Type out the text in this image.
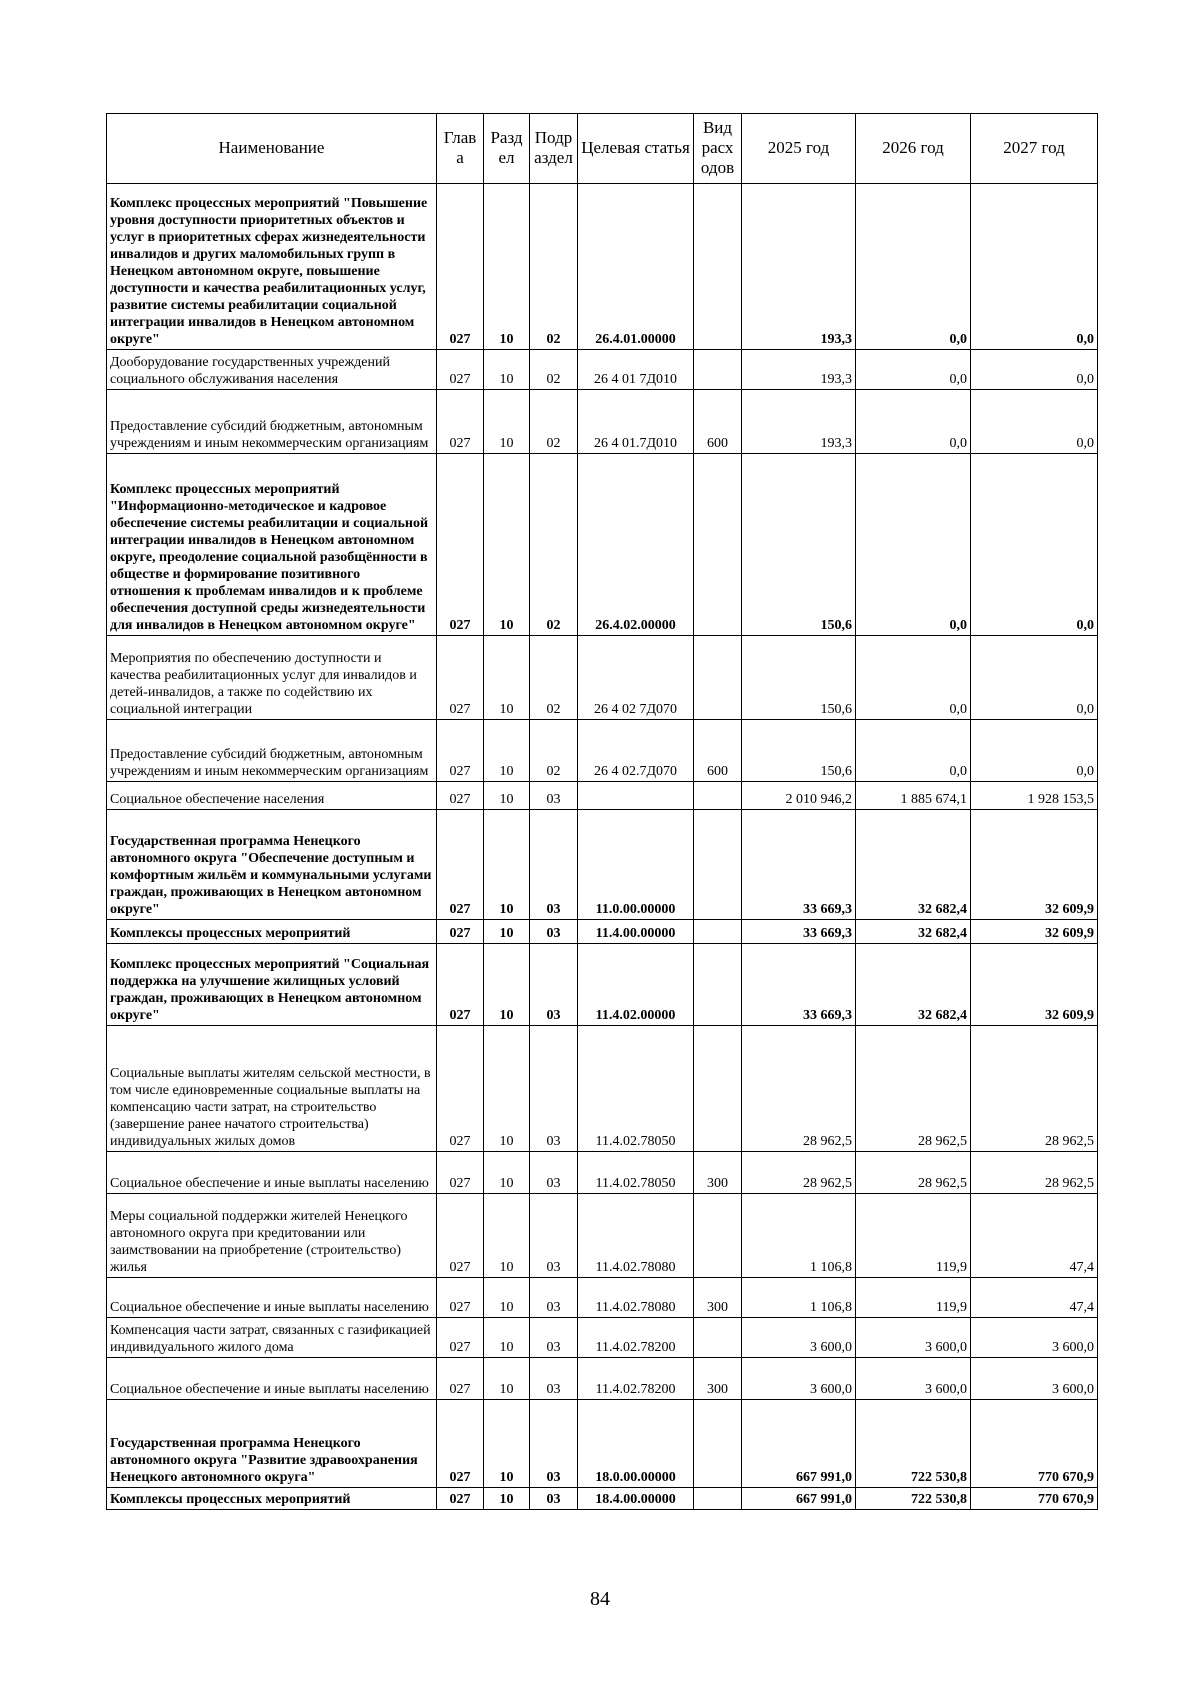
Наименование	Глав а	Разд ел	Подр аздел	Целевая статья	Вид расх одов	2025 год	2026 год	2027 год
Комплекс процессных мероприятий "Повышение уровня доступности приоритетных объектов и услуг в приоритетных сферах жизнедеятельности инвалидов и других маломобильных групп в Ненецком автономном округе, повышение доступности и качества реабилитационных услуг, развитие системы реабилитации социальной интеграции инвалидов в Ненецком автономном округе"	027	10	02	26.4.01.00000		193,3	0,0	0,0
Дооборудование государственных учреждений социального обслуживания населения	027	10	02	26 4 01 7Д010		193,3	0,0	0,0
Предоставление субсидий бюджетным, автономным учреждениям и иным некоммерческим организациям	027	10	02	26 4 01.7Д010	600	193,3	0,0	0,0
Комплекс процессных мероприятий "Информационно-методическое и кадровое обеспечение системы реабилитации и социальной интеграции инвалидов в Ненецком автономном округе, преодоление социальной разобщённости в обществе и формирование позитивного отношения к проблемам инвалидов и к проблеме обеспечения доступной среды жизнедеятельности для инвалидов в Ненецком автономном округе"	027	10	02	26.4.02.00000		150,6	0,0	0,0
Мероприятия по обеспечению доступности и качества реабилитационных услуг для инвалидов и детей-инвалидов, а также по содействию их социальной интеграции	027	10	02	26 4 02 7Д070		150,6	0,0	0,0
Предоставление субсидий бюджетным, автономным учреждениям и иным некоммерческим организациям	027	10	02	26 4 02.7Д070	600	150,6	0,0	0,0
Социальное обеспечение населения	027	10	03			2 010 946,2	1 885 674,1	1 928 153,5
Государственная программа Ненецкого автономного округа "Обеспечение доступным и комфортным жильём и коммунальными услугами граждан, проживающих в Ненецком автономном округе"	027	10	03	11.0.00.00000		33 669,3	32 682,4	32 609,9
Комплексы процессных мероприятий	027	10	03	11.4.00.00000		33 669,3	32 682,4	32 609,9
Комплекс процессных мероприятий "Социальная поддержка на улучшение жилищных условий граждан, проживающих в Ненецком автономном округе"	027	10	03	11.4.02.00000		33 669,3	32 682,4	32 609,9
Социальные выплаты жителям сельской местности, в том числе единовременные социальные выплаты на компенсацию части затрат, на строительство (завершение ранее начатого строительства) индивидуальных жилых домов	027	10	03	11.4.02.78050		28 962,5	28 962,5	28 962,5
Социальное обеспечение и иные выплаты населению	027	10	03	11.4.02.78050	300	28 962,5	28 962,5	28 962,5
Меры социальной поддержки жителей Ненецкого автономного округа при кредитовании или заимствовании на приобретение (строительство) жилья	027	10	03	11.4.02.78080		1 106,8	119,9	47,4
Социальное обеспечение и иные выплаты населению	027	10	03	11.4.02.78080	300	1 106,8	119,9	47,4
Компенсация части затрат, связанных с газификацией индивидуального жилого дома	027	10	03	11.4.02.78200		3 600,0	3 600,0	3 600,0
Социальное обеспечение и иные выплаты населению	027	10	03	11.4.02.78200	300	3 600,0	3 600,0	3 600,0
Государственная программа Ненецкого автономного округа "Развитие здравоохранения Ненецкого автономного округа"	027	10	03	18.0.00.00000		667 991,0	722 530,8	770 670,9
Комплексы процессных мероприятий	027	10	03	18.4.00.00000		667 991,0	722 530,8	770 670,9
84
